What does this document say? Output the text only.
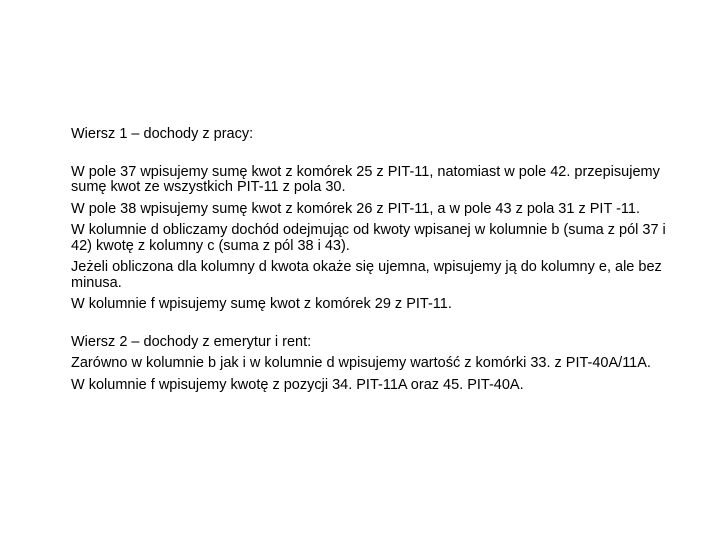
Wiersz 1 – dochody z pracy:

W pole 37 wpisujemy sumę kwot z komórek 25 z PIT-11, natomiast w pole 42. przepisujemy sumę kwot ze wszystkich PIT-11 z pola 30.

W pole 38 wpisujemy sumę kwot z komórek 26 z PIT-11, a w pole 43 z pola 31 z PIT -11.

W kolumnie d obliczamy dochód odejmując od kwoty wpisanej w kolumnie b (suma z pól 37 i 42) kwotę z kolumny c (suma z pól 38 i 43).

Jeżeli obliczona dla kolumny d kwota okaże się ujemna, wpisujemy ją do kolumny e, ale bez minusa.

W kolumnie f wpisujemy sumę kwot z komórek 29 z PIT-11.

Wiersz 2 – dochody z emerytur i rent:

Zarówno w kolumnie b jak i w kolumnie d wpisujemy wartość z komórki 33. z PIT-40A/11A.

W kolumnie f wpisujemy kwotę z pozycji 34. PIT-11A oraz 45. PIT-40A.
